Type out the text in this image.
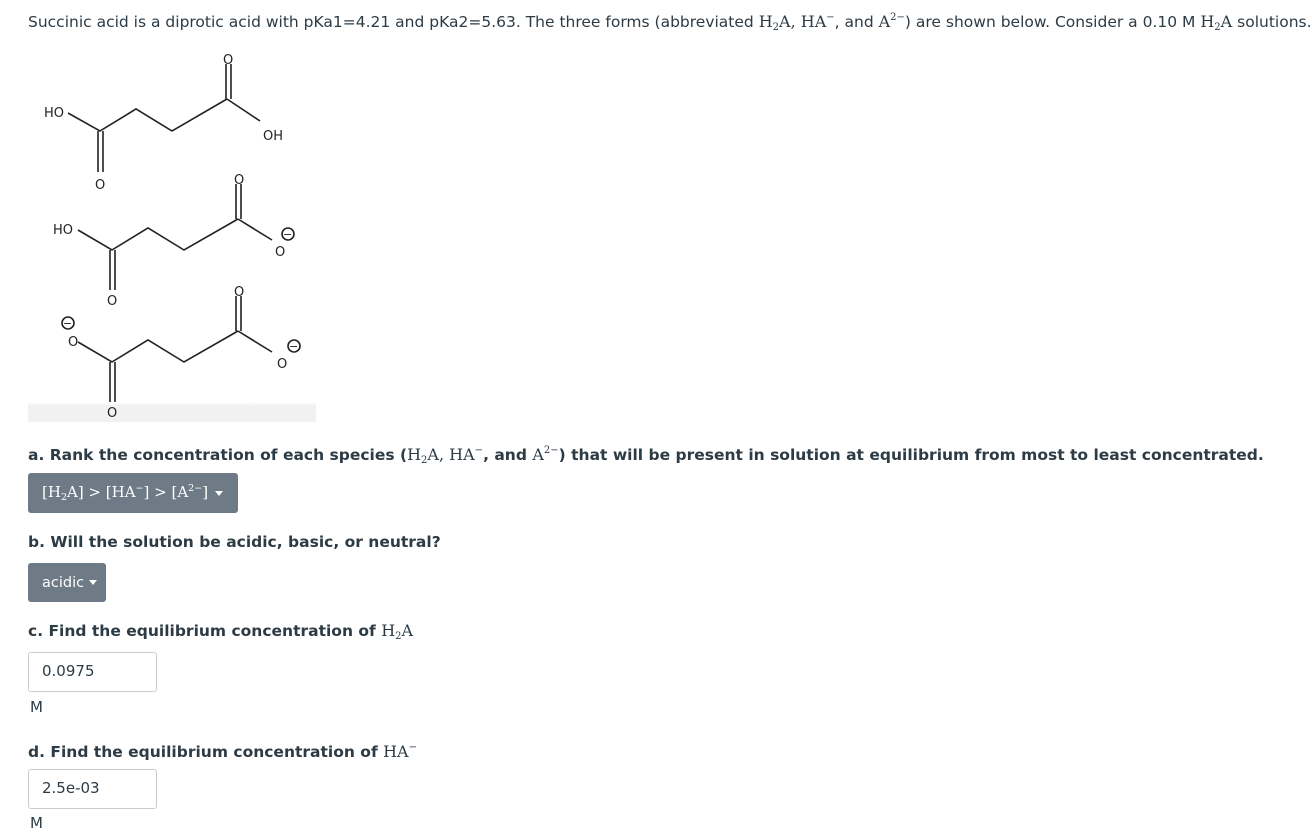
Succinic acid is a diprotic acid with pKa1=4.21 and pKa2=5.63. The three forms (abbreviated $H_2A$, HA−, and $A^{2-}$) are shown below. Consider a 0.10 M $H_2A$ solutions.
HO
O
OH
O
HO
O
O
O
−
O
−
O
O
−
O
a. Rank the concentration of each species ($H_2A$, HA−, and $A^{2-}$) that will be present in solution at equilibrium from most to least concentrated.
$[H_2A] > [HA^-] > [A^{2-}]$
b. Will the solution be acidic, basic, or neutral?
acidic
c. Find the equilibrium concentration of $H_2A$
0.0975
M
d. Find the equilibrium concentration of HA−
2.5e-03
M
